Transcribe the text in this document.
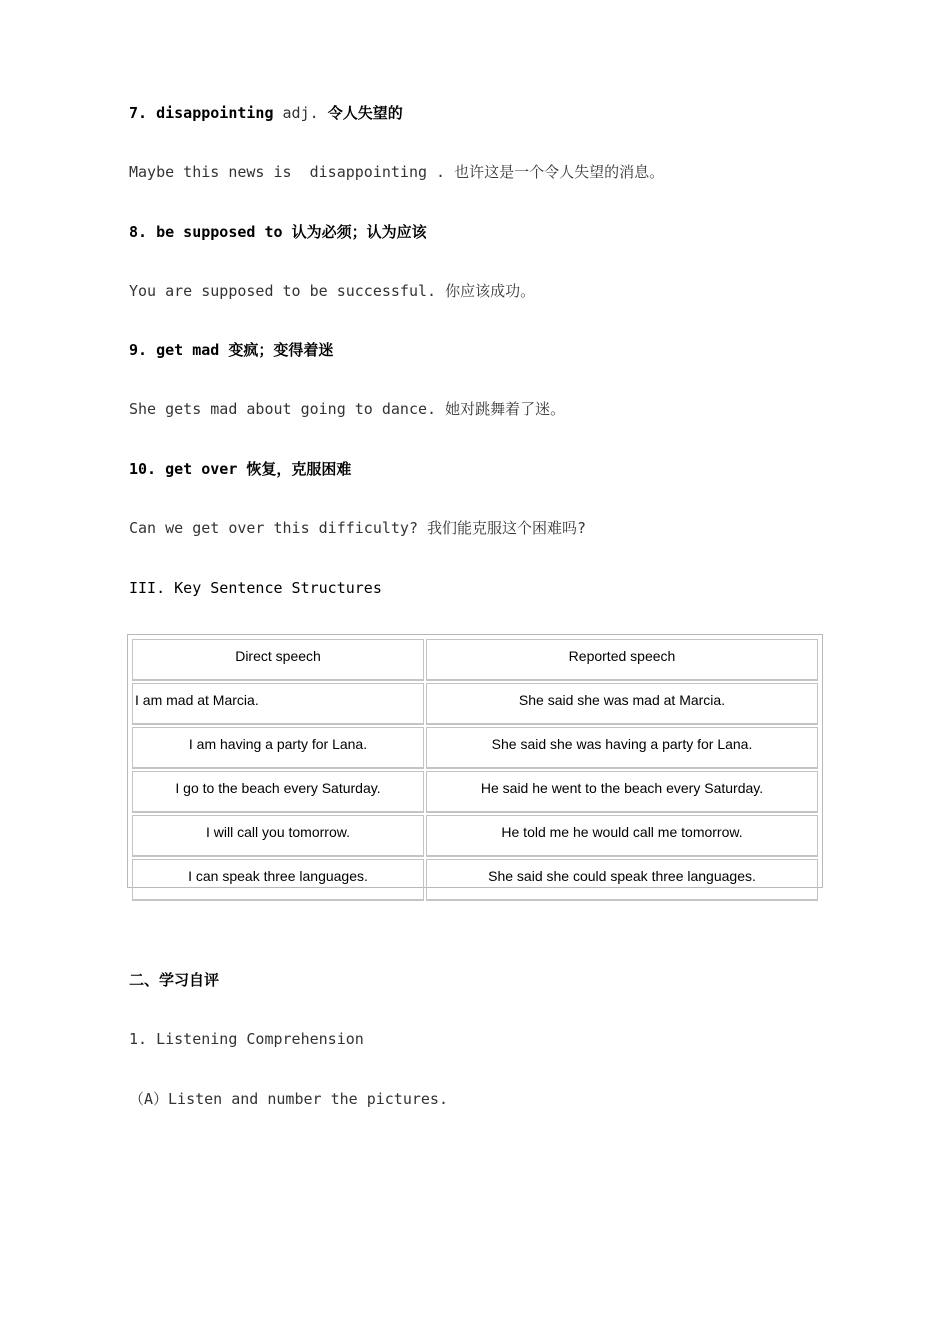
7. disappointing adj. 令人失望的
Maybe this news is  disappointing . 也许这是一个令人失望的消息。
8. be supposed to 认为必须；认为应该
You are supposed to be successful. 你应该成功。
9. get mad 变疯；变得着迷
She gets mad about going to dance. 她对跳舞着了迷。
10. get over 恢复，克服困难
Can we get over this difficulty? 我们能克服这个困难吗?
III. Key Sentence Structures
Direct speech	Reported speech
I am mad at Marcia.	She said she was mad at Marcia.
I am having a party for Lana.	She said she was having a party for Lana.
I go to the beach every Saturday.	He said he went to the beach every Saturday.
I will call you tomorrow.	He told me he would call me tomorrow.
I can speak three languages.	She said she could speak three languages.
二、学习自评
1. Listening Comprehension
（A）Listen and number the pictures.
